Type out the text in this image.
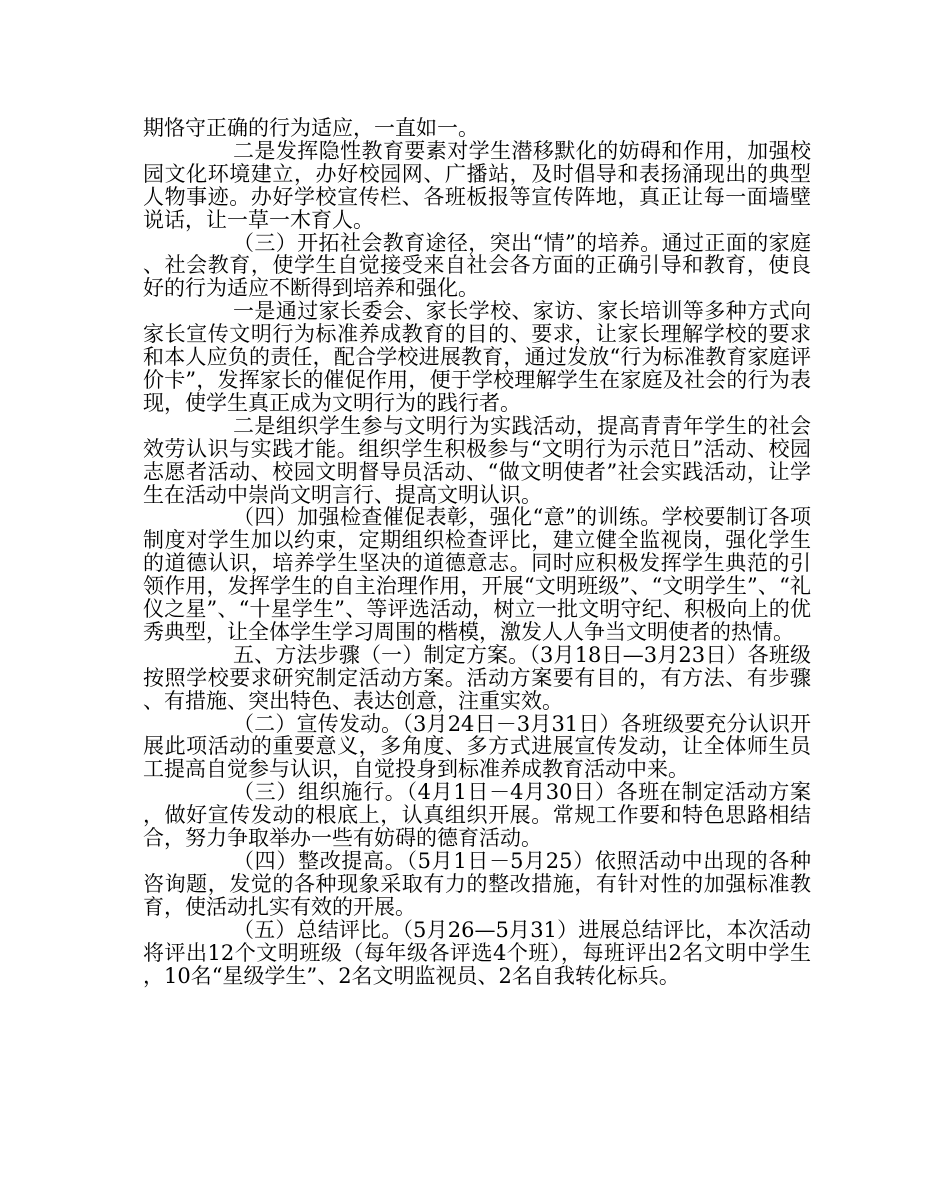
期恪守正确的行为适应，一直如一。

二是发挥隐性教育要素对学生潜移默化的妨碍和作用，加强校园文化环境建立，办好校园网、广播站，及时倡导和表扬涌现出的典型人物事迹。办好学校宣传栏、各班板报等宣传阵地，真正让每一面墙壁说话，让一草一木育人。

（三）开拓社会教育途径，突出“情”的培养。通过正面的家庭、社会教育，使学生自觉接受来自社会各方面的正确引导和教育，使良好的行为适应不断得到培养和强化。

一是通过家长委会、家长学校、家访、家长培训等多种方式向家长宣传文明行为标准养成教育的目的、要求，让家长理解学校的要求和本人应负的责任，配合学校进展教育，通过发放“行为标准教育家庭评价卡”，发挥家长的催促作用，便于学校理解学生在家庭及社会的行为表现，使学生真正成为文明行为的践行者。

二是组织学生参与文明行为实践活动，提高青青年学生的社会效劳认识与实践才能。组织学生积极参与“文明行为示范日”活动、校园志愿者活动、校园文明督导员活动、“做文明使者”社会实践活动，让学生在活动中崇尚文明言行、提高文明认识。

（四）加强检查催促表彰，强化“意”的训练。学校要制订各项制度对学生加以约束，定期组织检查评比，建立健全监视岗，强化学生的道德认识，培养学生坚决的道德意志。同时应积极发挥学生典范的引领作用，发挥学生的自主治理作用，开展“文明班级”、“文明学生”、“礼仪之星”、“十星学生”、等评选活动，树立一批文明守纪、积极向上的优秀典型，让全体学生学习周围的楷模，激发人人争当文明使者的热情。

五、方法步骤（一）制定方案。（3月18日—3月23日）各班级按照学校要求研究制定活动方案。活动方案要有目的，有方法、有步骤、有措施、突出特色、表达创意，注重实效。

（二）宣传发动。（3月24日－3月31日）各班级要充分认识开展此项活动的重要意义，多角度、多方式进展宣传发动，让全体师生员工提高自觉参与认识，自觉投身到标准养成教育活动中来。

（三）组织施行。（4月1日－4月30日）各班在制定活动方案，做好宣传发动的根底上，认真组织开展。常规工作要和特色思路相结合，努力争取举办一些有妨碍的德育活动。

（四）整改提高。（5月1日－5月25）依照活动中出现的各种咨询题，发觉的各种现象采取有力的整改措施，有针对性的加强标准教育，使活动扎实有效的开展。

（五）总结评比。（5月26—5月31）进展总结评比，本次活动将评出12个文明班级（每年级各评选4个班），每班评出2名文明中学生，10名“星级学生”、2名文明监视员、2名自我转化标兵。
